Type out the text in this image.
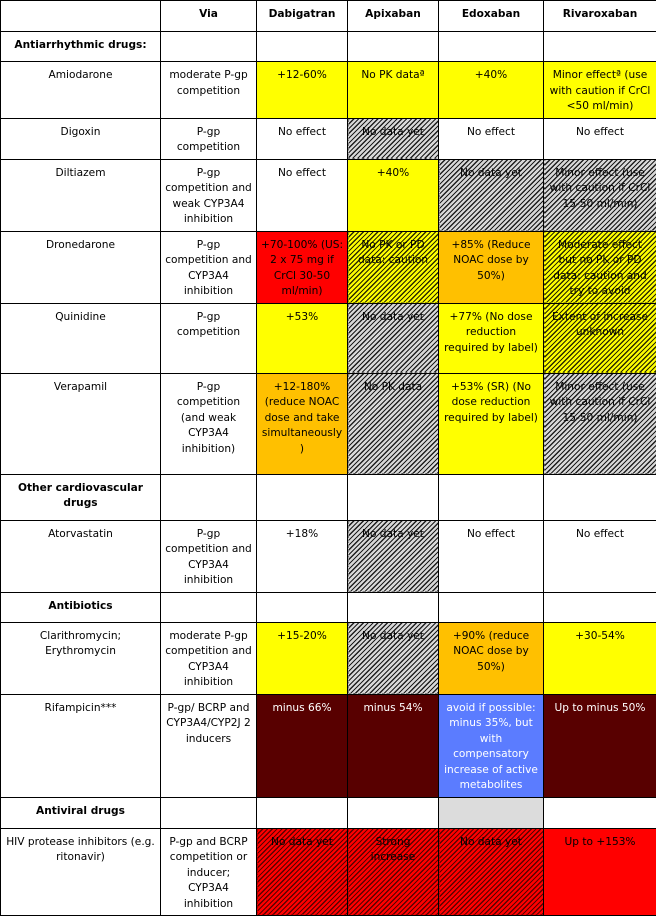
	Via	Dabigatran	Apixaban	Edoxaban	Rivaroxaban
Antiarrhythmic drugs:					
Amiodarone	moderate P-gp competition	+12-60%	No PK dataª	+40%	Minor effectª (use with caution if CrCl <50 ml/min)
Digoxin	P-gp competition	No effect	No data yet	No effect	No effect
Diltiazem	P-gp competition and weak CYP3A4 inhibition	No effect	+40%	No data yet	Minor effect (use with caution if CrCl 15-50 ml/min)
Dronedarone	P-gp competition and CYP3A4 inhibition	+70-100% (US: 2 x 75 mg if CrCl 30-50 ml/min)	No PK or PD data: caution	+85% (Reduce NOAC dose by 50%)	Moderate effect but no PK or PD data: caution and try to avoid
Quinidine	P-gp competition	+53%	No data yet	+77% (No dose reduction required by label)	Extent of increase unknown
Verapamil	P-gp competition (and weak CYP3A4 inhibition)	+12-180% (reduce NOAC dose and take simultaneously)	No PK data	+53% (SR) (No dose reduction required by label)	Minor effect (use with caution if CrCl 15-50 ml/min)
Other cardiovascular drugs					
Atorvastatin	P-gp competition and CYP3A4 inhibition	+18%	No data yet	No effect	No effect
Antibiotics					
Clarithromycin; Erythromycin	moderate P-gp competition and CYP3A4 inhibition	+15-20%	No data yet	+90% (reduce NOAC dose by 50%)	+30-54%
Rifampicin***	P-gp/ BCRP and CYP3A4/CYP2J 2 inducers	minus 66%	minus 54%	avoid if possible: minus 35%, but with compensatory increase of active metabolites	Up to minus 50%
Antiviral drugs					
HIV protease inhibitors (e.g. ritonavir)	P-gp and BCRP competition or inducer; CYP3A4 inhibition	No data yet	Strong increase	No data yet	Up to +153%
